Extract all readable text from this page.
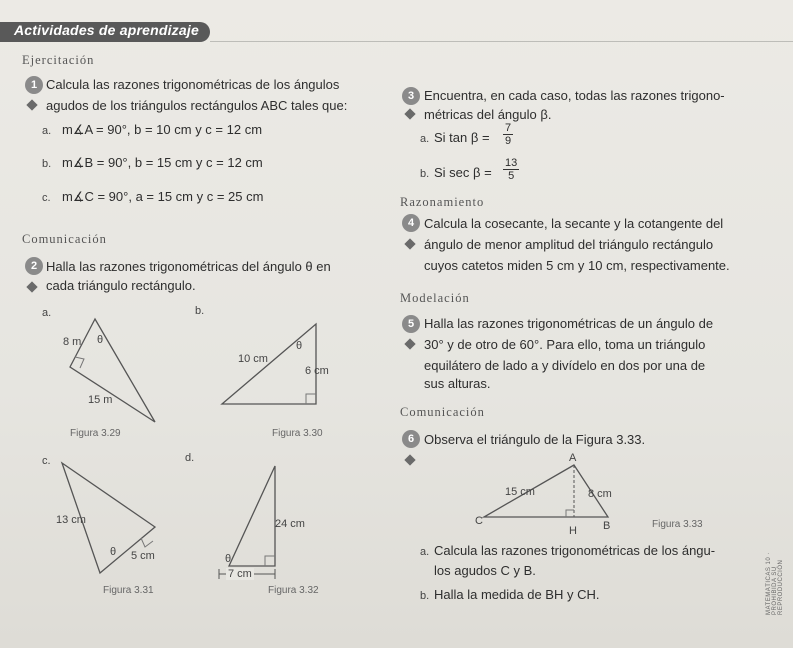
Actividades de aprendizaje
Ejercitación
1 Calcula las razones trigonométricas de los ángulos
agudos de los triángulos rectángulos ABC tales que:
a. m∡A = 90°, b = 10 cm y c = 12 cm
b. m∡B = 90°, b = 15 cm y c = 12 cm
c. m∡C = 90°, a = 15 cm y c = 25 cm
Comunicación
2 Halla las razones trigonométricas del ángulo θ en
cada triángulo rectángulo.
a.
8 m θ
15 m
Figura 3.29
b.
10 cm
θ
6 cm
Figura 3.30
c.
13 cm
θ 5 cm
Figura 3.31
d.
24 cm
θ
7 cm
Figura 3.32
3 Encuentra, en cada caso, todas las razones trigono-
métricas del ángulo β.
a. Si $\tan \beta = \frac{7}{9}$
b. Si $\sec \beta = \frac{13}{5}$
Razonamiento
4 Calcula la cosecante, la secante y la cotangente del
ángulo de menor amplitud del triángulo rectángulo
cuyos catetos miden 5 cm y 10 cm, respectivamente.
Modelación
5 Halla las razones trigonométricas de un ángulo de
30° y de otro de 60°. Para ello, toma un triángulo
equilátero de lado a y divídelo en dos por una de
sus alturas.
Comunicación
6 Observa el triángulo de la Figura 3.33.
A
15 cm	8 cm
C
H B	Figura 3.33
a. Calcula las razones trigonométricas de los ángu-
los agudos C y B.
b. Halla la medida de BH y CH.	MATEMÁTICAS 10 · PROHIBIDA SU REPRODUCCIÓN
